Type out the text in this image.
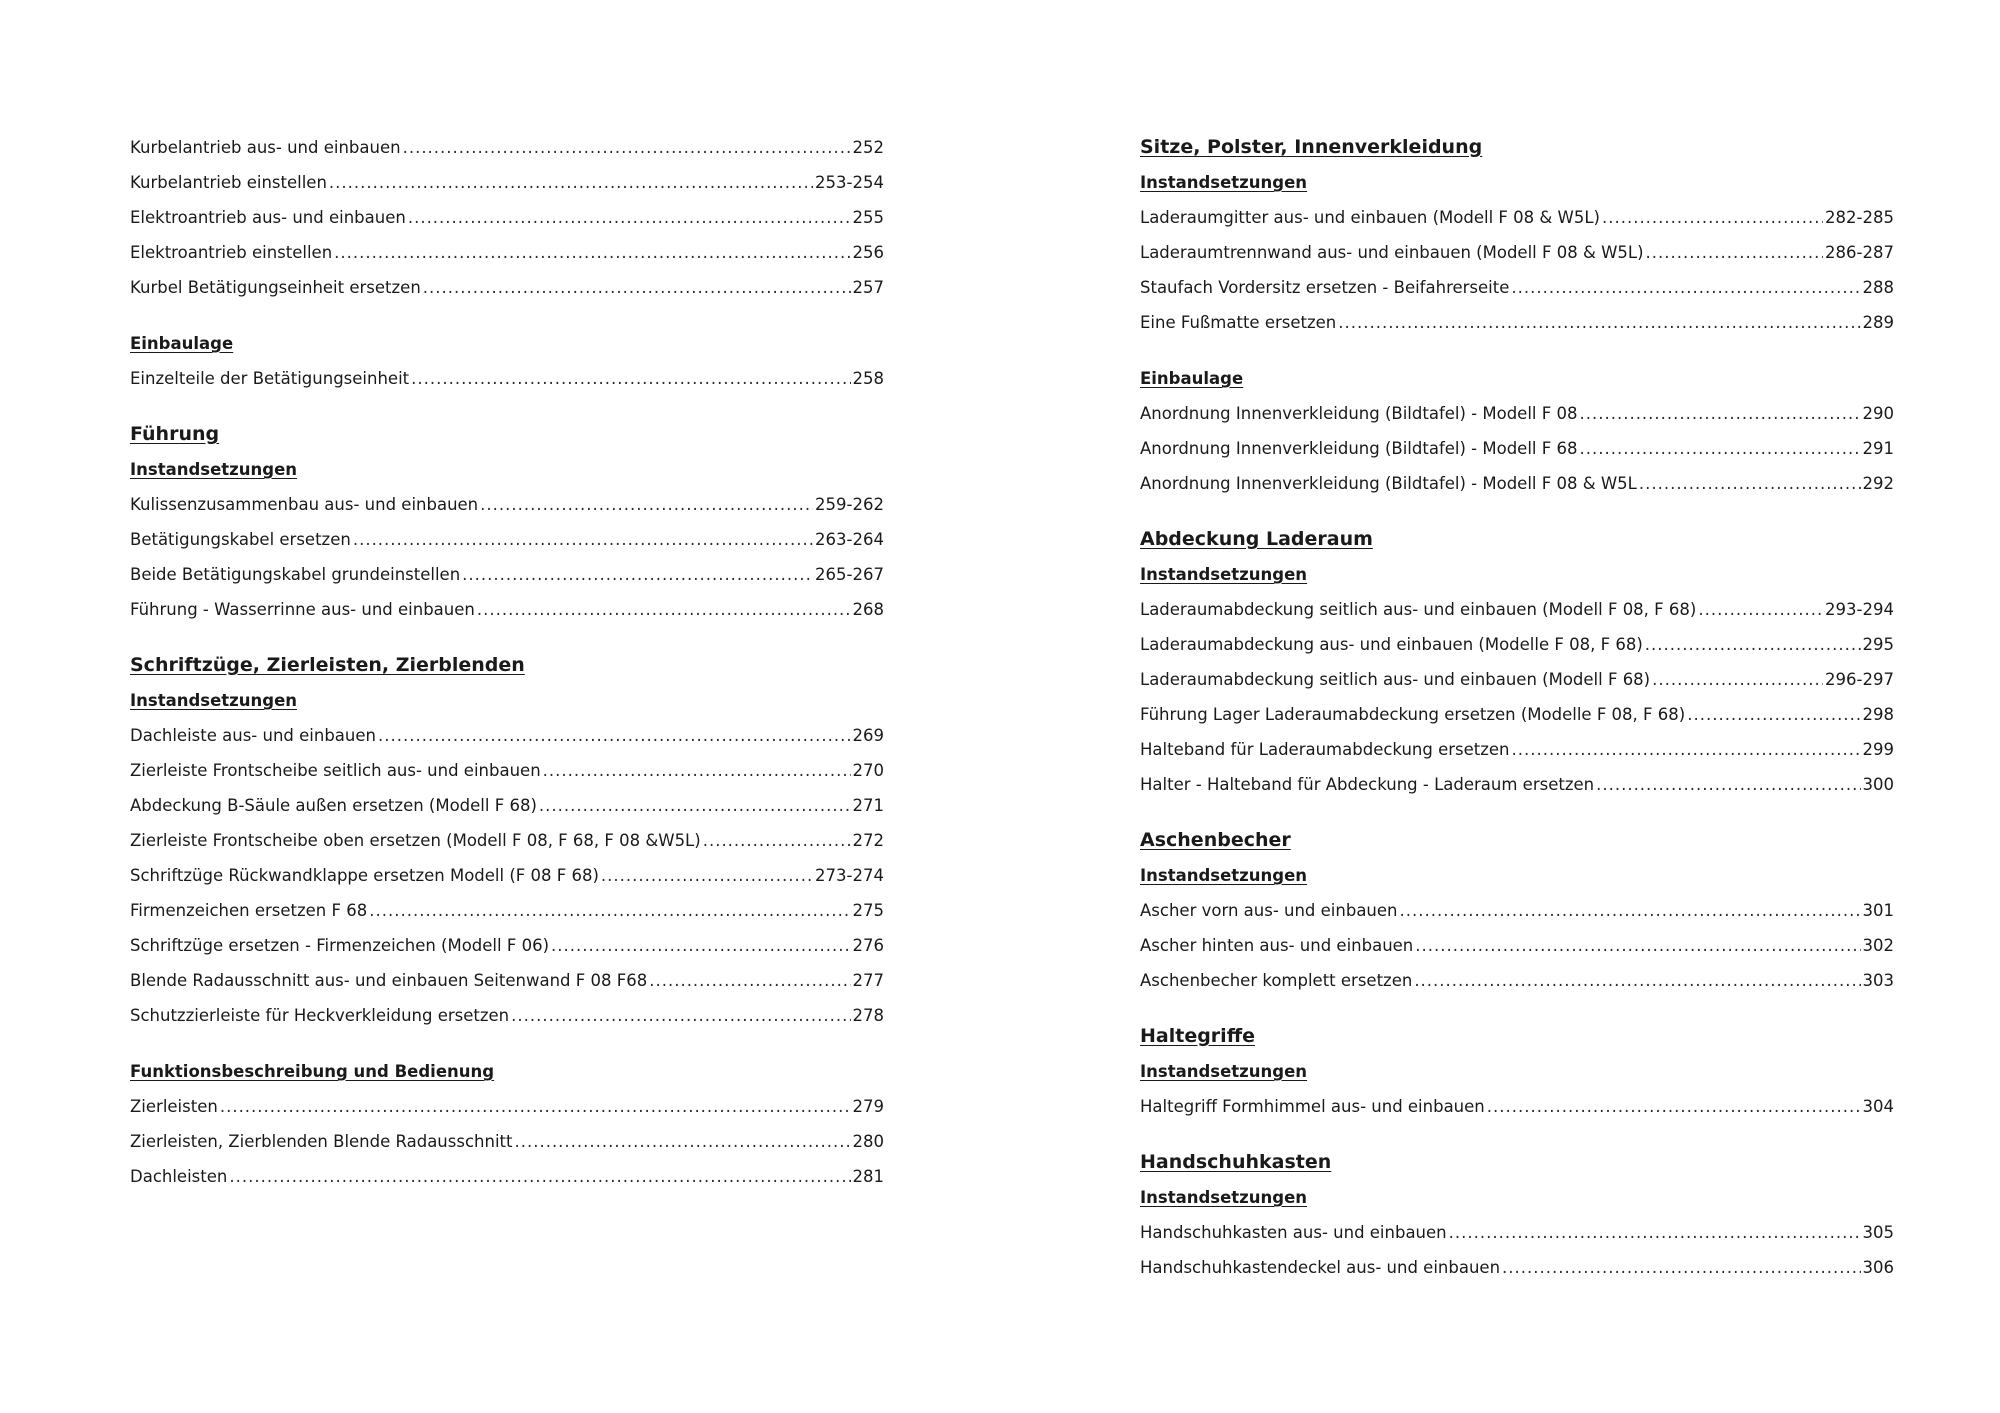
Kurbelantrieb aus- und einbauen .....	252
Kurbelantrieb einstellen .....	253-254
Elektroantrieb aus- und einbauen .....	255
Elektroantrieb einstellen .....	256
Kurbel Betätigungseinheit ersetzen .....	257
Einbaulage
Einzelteile der Betätigungseinheit .....	258
Führung
Instandsetzungen
Kulissenzusammenbau aus- und einbauen .....	259-262
Betätigungskabel ersetzen .....	263-264
Beide Betätigungskabel grundeinstellen .....	265-267
Führung - Wasserrinne aus- und einbauen .....	268
Schriftzüge, Zierleisten, Zierblenden
Instandsetzungen
Dachleiste aus- und einbauen .....	269
Zierleiste Frontscheibe seitlich aus- und einbauen .....	270
Abdeckung B-Säule außen ersetzen (Modell F 68) .....	271
Zierleiste Frontscheibe oben ersetzen (Modell F 08, F 68, F 08 &W5L) .....	272
Schriftzüge Rückwandklappe ersetzen Modell (F 08 F 68) .....	273-274
Firmenzeichen ersetzen F 68 .....	275
Schriftzüge ersetzen - Firmenzeichen (Modell F 06) .....	276
Blende Radausschnitt aus- und einbauen Seitenwand F 08 F68 .....	277
Schutzzierleiste für Heckverkleidung ersetzen .....	278
Funktionsbeschreibung und Bedienung
Zierleisten .....	279
Zierleisten, Zierblenden Blende Radausschnitt .....	280
Dachleisten .....	281
Sitze, Polster, Innenverkleidung
Instandsetzungen
Laderaumgitter aus- und einbauen (Modell F 08 & W5L) .....	282-285
Laderaumtrennwand aus- und einbauen (Modell F 08 & W5L) .....	286-287
Staufach Vordersitz ersetzen - Beifahrerseite .....	288
Eine Fußmatte ersetzen .....	289
Einbaulage
Anordnung Innenverkleidung (Bildtafel) - Modell F 08 .....	290
Anordnung Innenverkleidung (Bildtafel) - Modell F 68 .....	291
Anordnung Innenverkleidung (Bildtafel) - Modell F 08 & W5L .....	292
Abdeckung Laderaum
Instandsetzungen
Laderaumabdeckung seitlich aus- und einbauen (Modell F 08, F 68) .....	293-294
Laderaumabdeckung aus- und einbauen (Modelle F 08, F 68) .....	295
Laderaumabdeckung seitlich aus- und einbauen (Modell F 68) .....	296-297
Führung Lager Laderaumabdeckung ersetzen (Modelle F 08, F 68) .....	298
Halteband für Laderaumabdeckung ersetzen .....	299
Halter - Halteband für Abdeckung - Laderaum ersetzen .....	300
Aschenbecher
Instandsetzungen
Ascher vorn aus- und einbauen .....	301
Ascher hinten aus- und einbauen .....	302
Aschenbecher komplett ersetzen .....	303
Haltegriffe
Instandsetzungen
Haltegriff Formhimmel aus- und einbauen .....	304
Handschuhkasten
Instandsetzungen
Handschuhkasten aus- und einbauen .....	305
Handschuhkastendeckel aus- und einbauen .....	306
